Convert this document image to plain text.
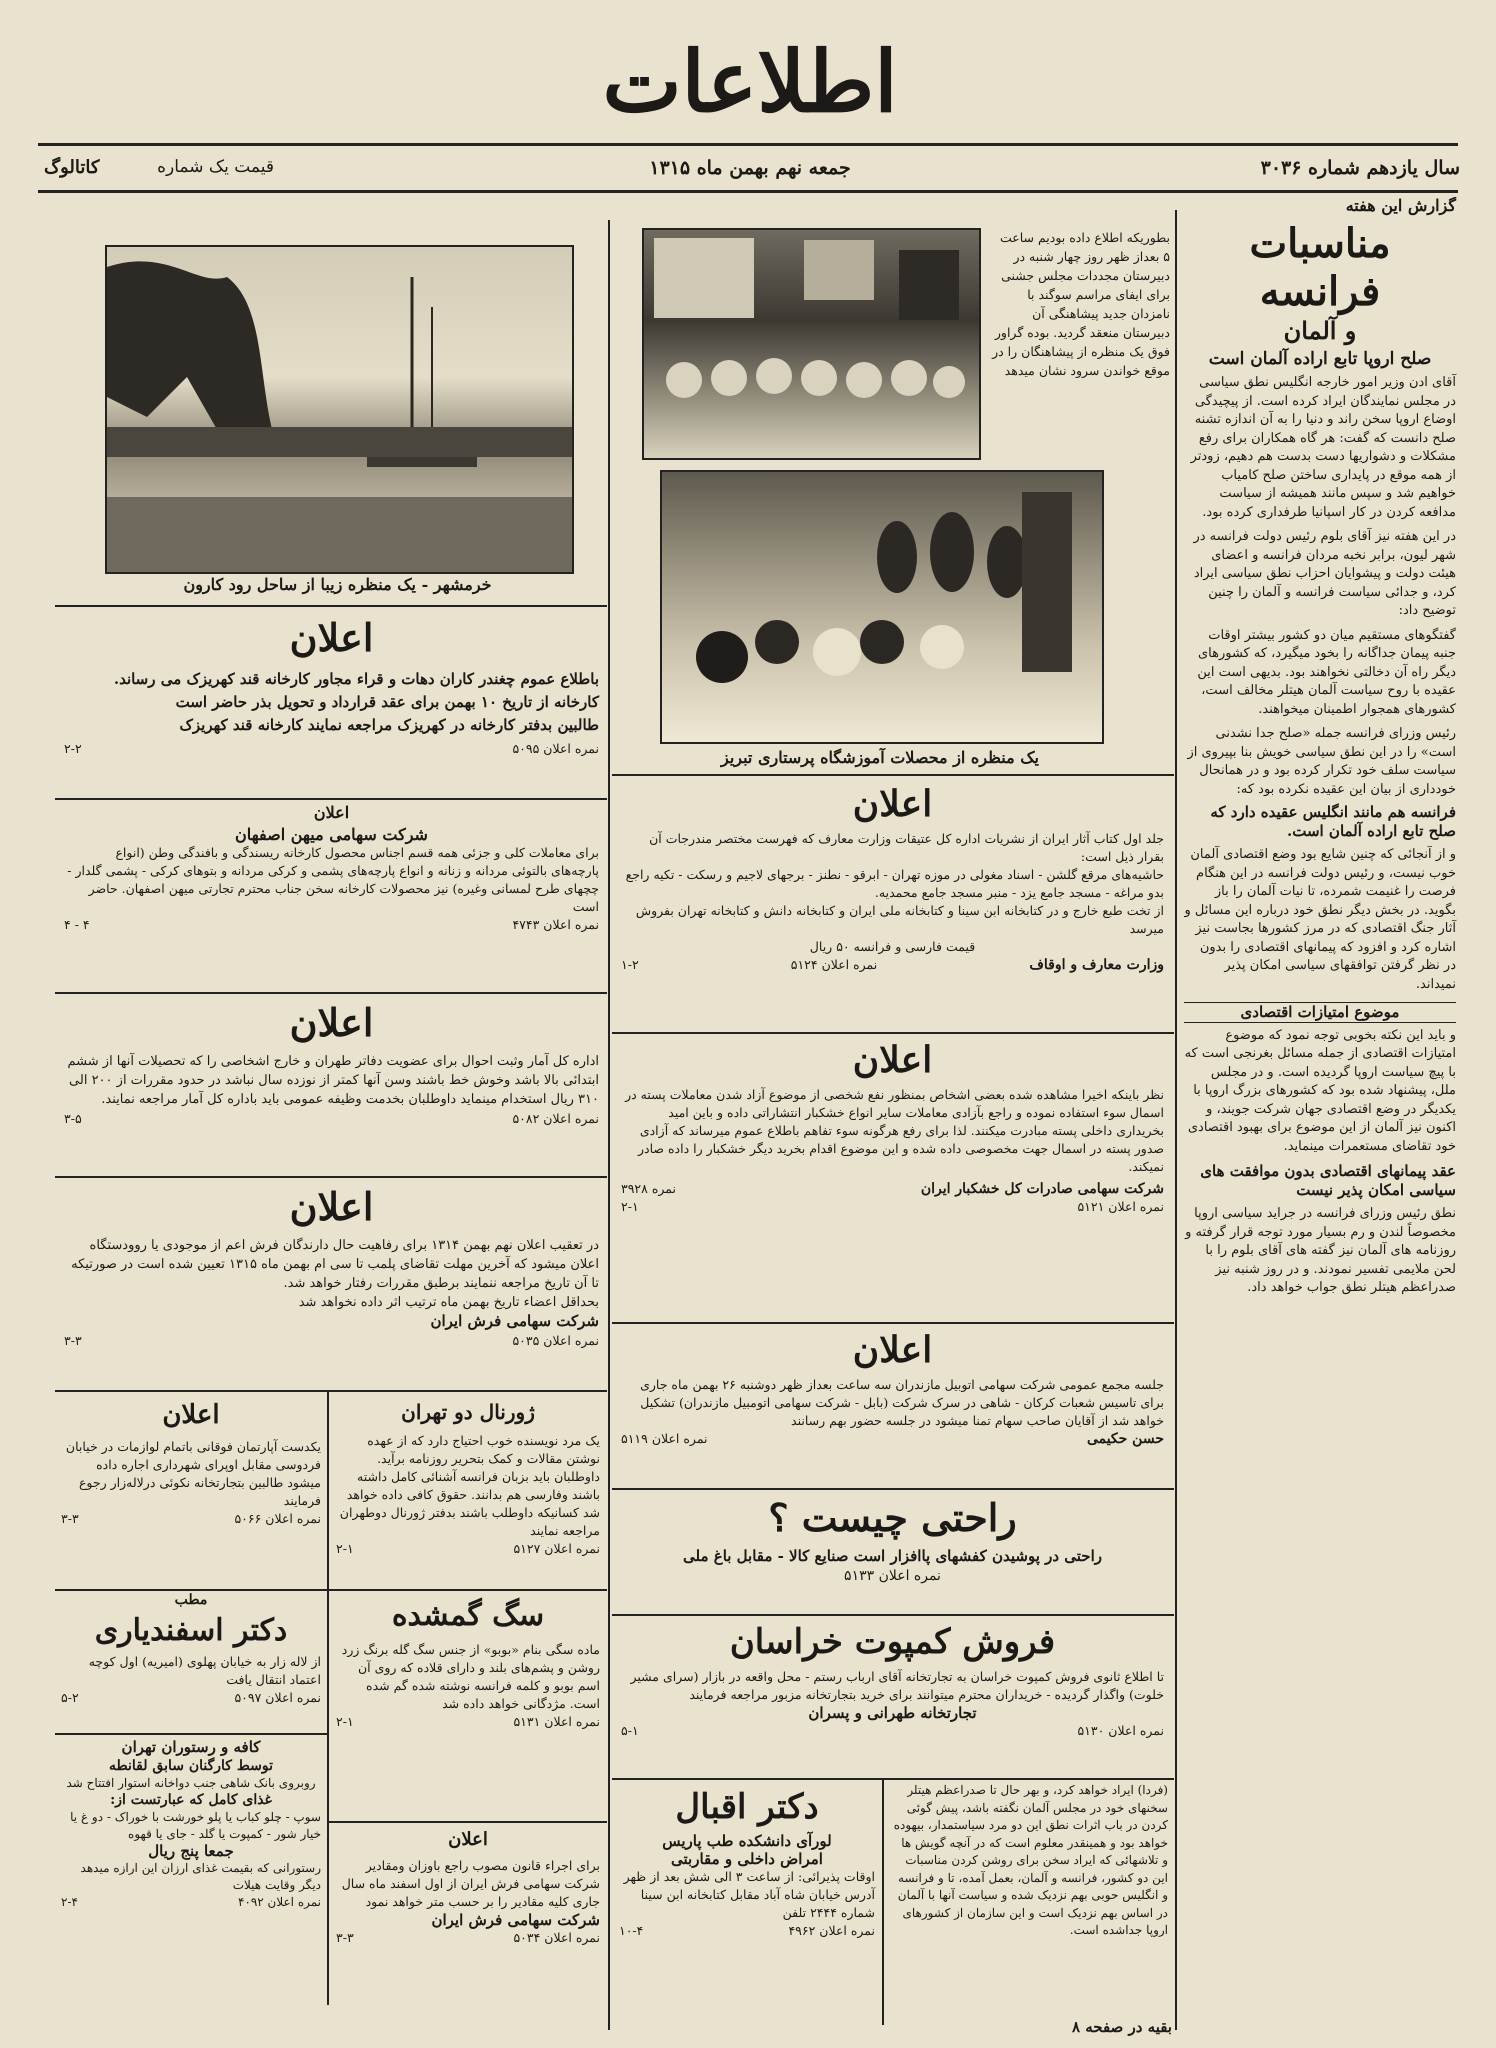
اطلاعات
سال یازدهم شماره ۳۰۳۶
جمعه نهم بهمن ماه ۱۳۱۵
کاتالوگ	قیمت یک شماره

گزارش این هفته

مناسبات فرانسه

و آلمان

صلح اروپا تابع اراده آلمان است

آقای ادن وزیر امور خارجه انگلیس نطق سیاسی در مجلس نمایندگان ایراد کرده است. از پیچیدگی اوضاع اروپا سخن راند و دنیا را به آن اندازه تشنه صلح دانست که گفت: هر گاه همکاران برای رفع مشکلات و دشواریها دست بدست هم دهیم، زودتر از همه موقع در پایداری ساختن صلح کامیاب خواهیم شد و سپس مانند همیشه از سیاست مدافعه کردن در کار اسپانیا طرفداری کرده بود.

در این هفته نیز آقای بلوم رئیس دولت فرانسه در شهر لیون، برابر نخبه مردان فرانسه و اعضای هیئت دولت و پیشوایان احزاب نطق سیاسی ایراد کرد، و جدائی سیاست فرانسه و آلمان را چنین توضیح داد:

گفتگوهای مستقیم میان دو کشور بیشتر اوقات جنبه پیمان جداگانه را بخود میگیرد، که کشورهای دیگر راه آن دخالتی نخواهند بود. بدیهی است این عقیده با روح سیاست آلمان هیتلر مخالف است، کشورهای همجوار اطمینان میخواهند.

رئیس وزرای فرانسه جمله «صلح جدا نشدنی است» را در این نطق سیاسی خویش بنا بپیروی از سیاست سلف خود تکرار کرده بود و در همانحال خودداری از بیان این عقیده نکرده بود که:

فرانسه هم مانند انگلیس عقیده دارد که صلح تابع اراده آلمان است.

و از آنجائی که چنین شایع بود وضع اقتصادی آلمان خوب نیست، و رئیس دولت فرانسه در این هنگام فرصت را غنیمت شمرده، تا نیات آلمان را باز بگوید. در بخش دیگر نطق خود درباره این مسائل و آثار جنگ اقتصادی که در مرز کشورها بجاست نیز اشاره کرد و افزود که پیمانهای اقتصادی را بدون در نظر گرفتن توافقهای سیاسی امکان پذیر نمیداند.

موضوع امتیازات اقتصادی

و باید این نکته بخوبی توجه نمود که موضوع امتیازات اقتصادی از جمله مسائل بغرنجی است که با پیچ سیاست اروپا گردیده است. و در مجلس ملل، پیشنهاد شده بود که کشورهای بزرگ اروپا با یکدیگر در وضع اقتصادی جهان شرکت جویند، و اکنون نیز آلمان از این موضوع برای بهبود اقتصادی خود تقاضای مستعمرات مینماید.

عقد پیمانهای اقتصادی بدون موافقت های سیاسی امکان پذیر نیست

نطق رئیس وزرای فرانسه در جراید سیاسی اروپا مخصوصاً لندن و رم بسیار مورد توجه قرار گرفته و روزنامه های آلمان نیز گفته های آقای بلوم را با لحن ملایمی تفسیر نمودند. و در روز شنبه نیز صدراعظم هیتلر نطق جواب خواهد داد.

بطوریکه اطلاع داده بودیم ساعت ۵ بعداز ظهر روز چهار شنبه در دبیرستان مجددات مجلس جشنی برای ایفای مراسم سوگند با نامزدان جدید پیشاهنگی آن دبیرستان منعقد گردید. بوده گراور فوق یک منظره از پیشاهنگان را در موقع خواندن سرود نشان میدهد
یک منظره از محصلات آموزشگاه پرستاری تبریز

اعلان

جلد اول کتاب آثار ایران از نشریات اداره کل عتیقات وزارت معارف که فهرست مختصر مندرجات آن بقرار ذیل است:

حاشیه‌های مرقع گلشن - اسناد مغولی در موزه تهران - ابرقو - نطنز - برجهای لاجیم و رسکت - تکیه راجع بدو مراغه - مسجد جامع یزد - منبر مسجد جامع محمدیه.

از تخت طبع خارج و در کتابخانه ابن سینا و کتابخانه ملی ایران و کتابخانه دانش و کتابخانه تهران بفروش میرسد

قیمت فارسی و فرانسه ۵۰ ریال

وزارت معارف و اوقاف
نمره اعلان ۵۱۲۴
۱-۲

اعلان

نظر باینکه اخیرا مشاهده شده بعضی اشخاص بمنظور نفع شخصی از موضوع آزاد شدن معاملات پسته در اسمال سوء استفاده نموده و راجع بآزادی معاملات سایر انواع خشکبار انتشاراتی داده و باین امید بخریداری داخلی پسته مبادرت میکنند. لذا برای رفع هرگونه سوء تفاهم باطلاع عموم میرساند که آزادی صدور پسته در اسمال جهت مخصوصی داده شده و این موضوع اقدام بخرید دیگر خشکبار را داده صادر نمیکند.

شرکت سهامی صادرات کل خشکبار ایران
نمره ۳۹۲۸
نمره اعلان ۵۱۲۱
۲-۱

اعلان

جلسه مجمع عمومی شرکت سهامی اتوبیل مازندران سه ساعت بعداز ظهر دوشنبه ۲۶ بهمن ماه جاری برای تاسیس شعبات کرکان - شاهی در سرک شرکت (بابل - شرکت سهامی اتومبیل مازندران) تشکیل خواهد شد از آقایان صاحب سهام تمنا میشود در جلسه حضور بهم رسانند

حسن حکیمی
نمره اعلان ۵۱۱۹

راحتی چیست ؟

راحتی در پوشیدن کفشهای پاافزار است صنایع کالا - مقابل باغ ملی

نمره اعلان ۵۱۳۳

فروش کمپوت خراسان

تا اطلاع ثانوی فروش کمپوت خراسان به تجارتخانه آقای ارباب رستم - محل واقعه در بازار (سرای مشیر خلوت) واگذار گردیده - خریداران محترم میتوانند برای خرید بتجارتخانه مزبور مراجعه فرمایند

تجارتخانه طهرانی و پسران

نمره اعلان ۵۱۳۰
۵-۱
(فردا) ایراد خواهد کرد، و بهر حال تا صدراعظم هیتلر سخنهای خود در مجلس آلمان نگفته باشد، پیش گوئی کردن در باب اثرات نطق این دو مرد سیاستمدار، بیهوده خواهد بود و همینقدر معلوم است که در آنچه گویش ها و تلاشهائی که ایراد سخن برای روشن کردن مناسبات این دو کشور، فرانسه و آلمان، بعمل آمده، تا و فرانسه و انگلیس حوبی بهم نزدیک شده و سیاست آنها با آلمان در اساس بهم نزدیک است و این سازمان از کشورهای اروپا جداشده است.

دکتر اقبال

لورآی دانشکده طب پاریس

امراض داخلی و مقاربتی

اوقات پذیرائی: از ساعت ۳ الی شش بعد از ظهر

آدرس خیابان شاه آباد مقابل کتابخانه ابن سینا

شماره ۲۴۴۴ تلفن

نمره اعلان ۴۹۶۲
۱۰-۴
بقیه در صفحه ۸
خرمشهر - یک منظره زیبا از ساحل رود کارون

اعلان

باطلاع عموم چغندر کاران دهات و قراء مجاور کارخانه قند کهریزک می رساند.

کارخانه از تاریخ ۱۰ بهمن برای عقد قرارداد و تحویل بذر حاضر است

طالبین بدفتر کارخانه در کهریزک مراجعه نمایند کارخانه قند کهریزک

نمره اعلان ۵۰۹۵
۲-۲

اعلان

شرکت سهامی میهن اصفهان

برای معاملات کلی و جزئی همه قسم اجناس محصول کارخانه ریسندگی و بافندگی وطن (انواع پارچه‌های بالتوئی مردانه و زنانه و انواع پارچه‌های پشمی و کرکی مردانه و بتوهای کرکی - پشمی گلدار - چچهای طرح لمسانی وغیره) نیز محصولات کارخانه سخن جناب محترم تجارتی میهن اصفهان. حاضر است

نمره اعلان ۴۷۴۳
۴ - ۴

اعلان

اداره کل آمار وثبت احوال برای عضویت دفاتر طهران و خارج اشخاصی را که تحصیلات آنها از ششم ابتدائی بالا باشد وخوش خط باشند وسن آنها کمتر از نوزده سال نباشد در حدود مقررات از ۲۰۰ الی ۳۱۰ ریال استخدام مینماید داوطلبان بخدمت وظیفه عمومی باید باداره کل آمار مراجعه نمایند.

نمره اعلان ۵۰۸۲
۳-۵

اعلان

در تعقیب اعلان نهم بهمن ۱۳۱۴ برای رفاهیت حال دارندگان فرش اعم از موجودی یا روودستگاه اعلان میشود که آخرین مهلت تقاضای پلمب تا سی ام بهمن ماه ۱۳۱۵ تعیین شده است در صورتیکه تا آن تاریخ مراجعه ننمایند برطبق مقررات رفتار خواهد شد.

بحداقل اعضاء تاریخ بهمن ماه ترتیب اثر داده نخواهد شد

شرکت سهامی فرش ایران

نمره اعلان ۵۰۳۵
۳-۳

ژورنال دو تهران

یک مرد نویسنده خوب احتیاج دارد که از عهده نوشتن مقالات و کمک بتحریر روزنامه برآید. داوطلبان باید بزبان فرانسه آشنائی کامل داشته باشند وفارسی هم بدانند. حقوق کافی داده خواهد شد کسانیکه داوطلب باشند بدفتر ژورنال دوطهران مراجعه نمایند

نمره اعلان ۵۱۲۷
۲-۱

اعلان

یکدست آپارتمان فوقانی باتمام لوازمات در خیابان فردوسی مقابل اوپرای شهرداری اجاره داده میشود طالبین بتجارتخانه نکوئی درلاله‌زار رجوع فرمایند

نمره اعلان ۵۰۶۶
۳-۳

سگ گمشده

ماده سگی بنام «بوبو» از جنس سگ گله برنگ زرد روشن و پشم‌های بلند و دارای قلاده که روی آن اسم بوبو و کلمه فرانسه نوشته شده گم شده است. مژدگانی خواهد داده شد

نمره اعلان ۵۱۳۱
۲-۱

مطب

دکتر اسفندیاری

از لاله زار به خیابان پهلوی (امیریه) اول کوچه اعتماد انتقال یافت

نمره اعلان ۵۰۹۷
۵-۲

کافه و رستوران تهران

توسط کارگنان سابق لقانطه

روبروی بانک شاهی جنب دواخانه استوار افتتاح شد

غذای کامل که عبارتست از:

سوپ - چلو کباب یا پلو خورشت با خوراک - دو غ یا خیار شور - کمپوت یا گلد - جای یا قهوه

جمعا پنج ریال

رستورانی که بقیمت غذای ارزان این ارازه میدهد دیگر وقایت هیلات

نمره اعلان ۴۰۹۲
۲-۴

اعلان

برای اجراء قانون مصوب راجع باوزان ومقادیر شرکت سهامی فرش ایران از اول اسفند ماه سال جاری کلیه مقادیر را بر حسب متر خواهد نمود

شرکت سهامی فرش ایران

نمره اعلان ۵۰۳۴
۳-۳
